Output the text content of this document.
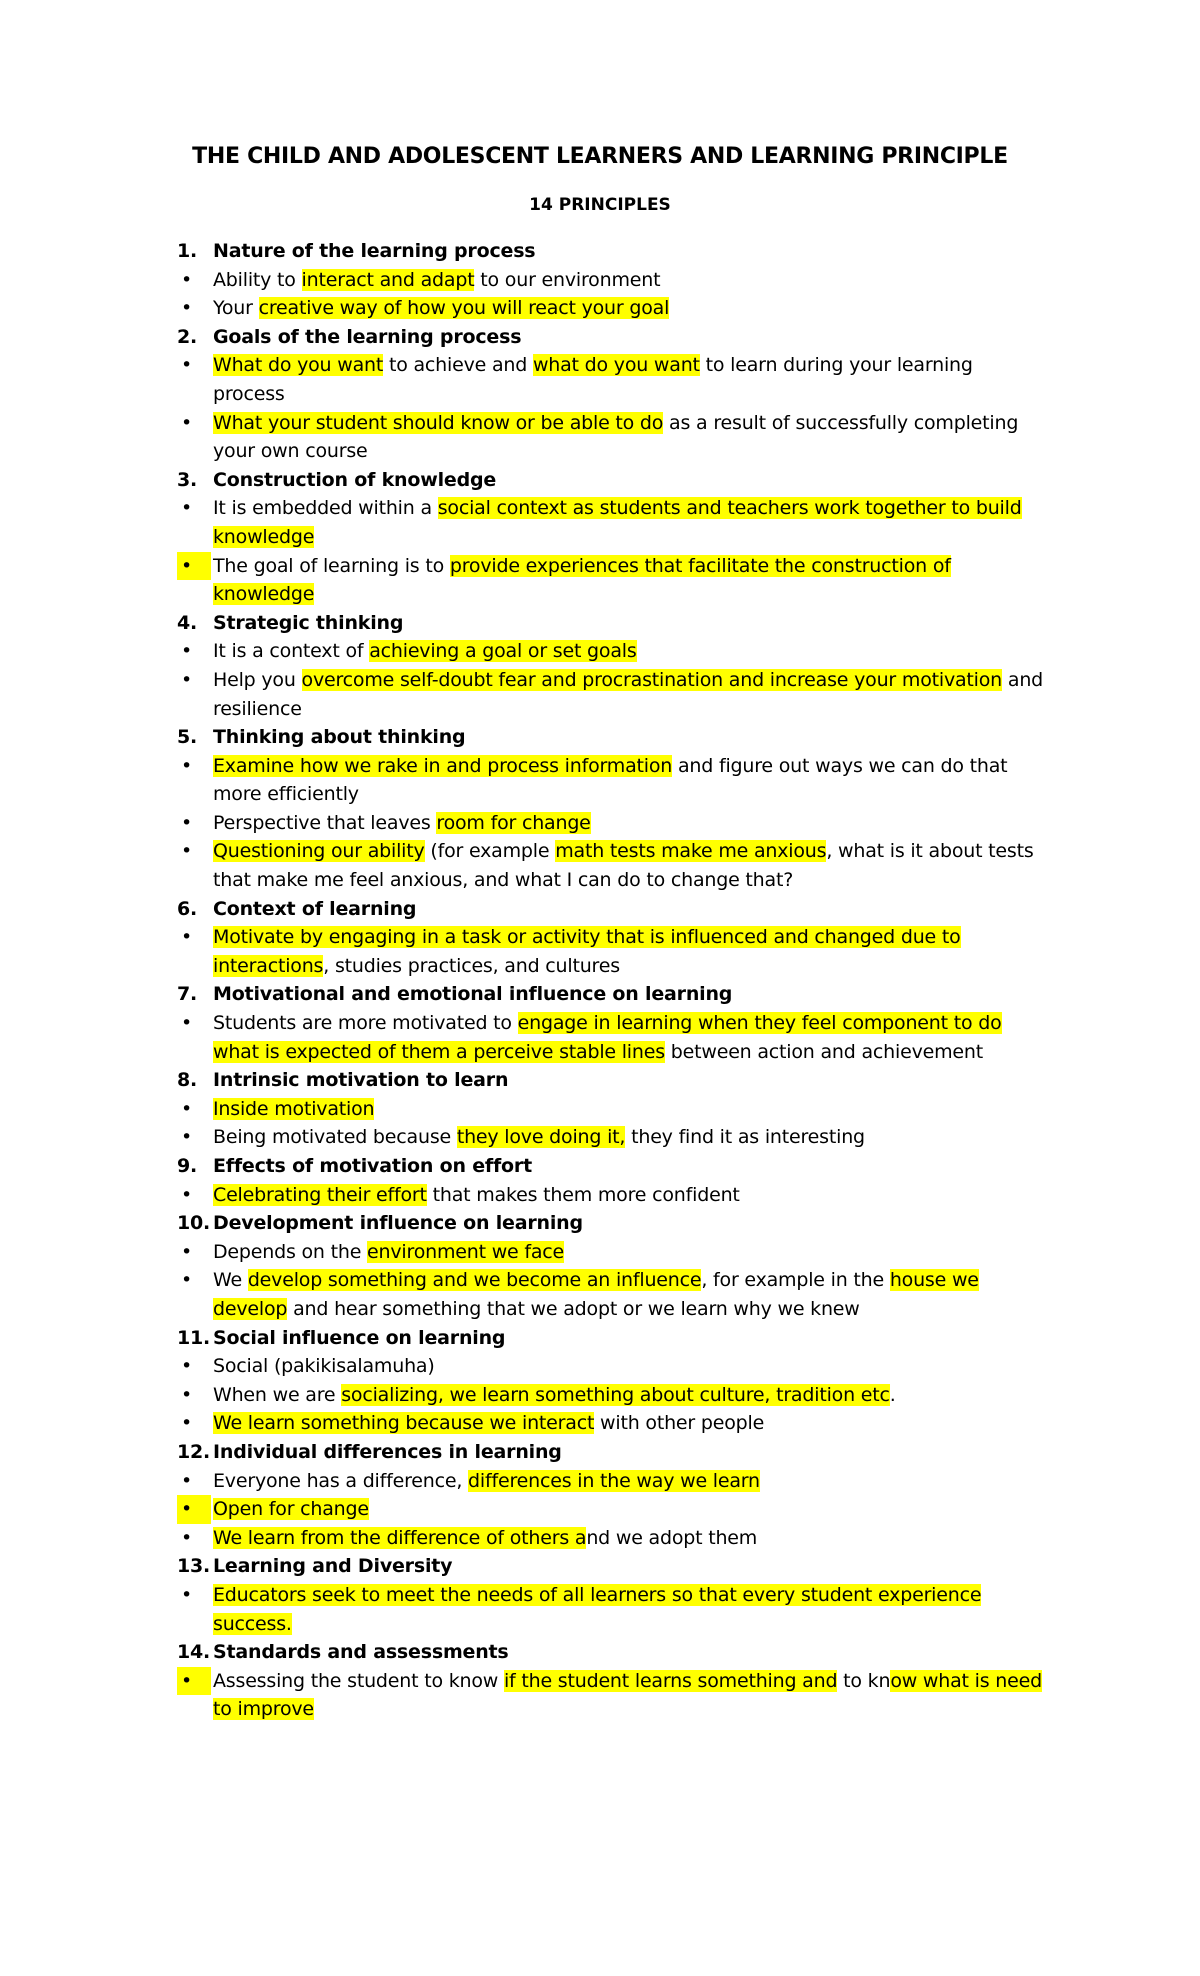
THE CHILD AND ADOLESCENT LEARNERS AND LEARNING PRINCIPLE
14 PRINCIPLES
1. Nature of the learning process
•	Ability to interact and adapt to our environment
•	Your creative way of how you will react your goal
2. Goals of the learning process
•	What do you want to achieve and what do you want to learn during your learning process
•	What your student should know or be able to do as a result of successfully completing your own course
3. Construction of knowledge
•	It is embedded within a social context as students and teachers work together to build knowledge
•	The goal of learning is to provide experiences that facilitate the construction of knowledge
4. Strategic thinking
•	It is a context of achieving a goal or set goals
•	Help you overcome self-doubt fear and procrastination and increase your motivation and resilience
5. Thinking about thinking
•	Examine how we rake in and process information and figure out ways we can do that more efficiently
•	Perspective that leaves room for change
•	Questioning our ability (for example math tests make me anxious, what is it about tests that make me feel anxious, and what I can do to change that?
6. Context of learning
•	Motivate by engaging in a task or activity that is influenced and changed due to interactions, studies practices, and cultures
7. Motivational and emotional influence on learning
•	Students are more motivated to engage in learning when they feel component to do what is expected of them a perceive stable lines between action and achievement
8. Intrinsic motivation to learn
•	Inside motivation
•	Being motivated because they love doing it, they find it as interesting
9. Effects of motivation on effort
•	Celebrating their effort that makes them more confident
10. Development influence on learning
•	Depends on the environment we face
•	We develop something and we become an influence, for example in the house we develop and hear something that we adopt or we learn why we knew
11. Social influence on learning
•	Social (pakikisalamuha)
•	When we are socializing, we learn something about culture, tradition etc.
•	We learn something because we interact with other people
12. Individual differences in learning
•	Everyone has a difference, differences in the way we learn
•	Open for change
•	We learn from the difference of others and we adopt them
13. Learning and Diversity
•	Educators seek to meet the needs of all learners so that every student experience success.
14. Standards and assessments
•	Assessing the student to know if the student learns something and to know what is need to improve
